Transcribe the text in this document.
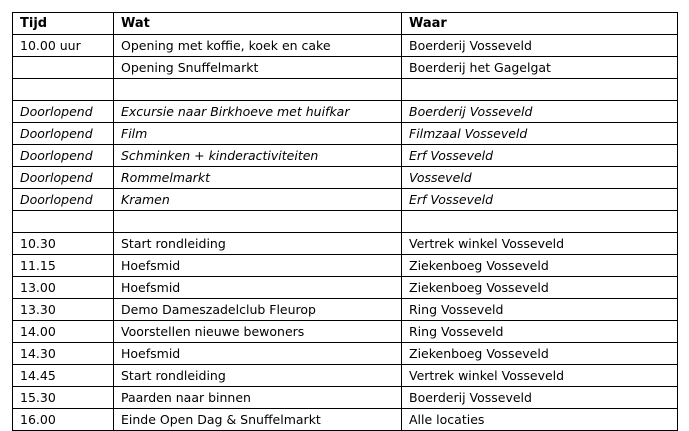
Tijd	Wat	Waar
10.00 uur	Opening met koffie, koek en cake	Boerderij Vosseveld
	Opening Snuffelmarkt	Boerderij het Gagelgat

Doorlopend	Excursie naar Birkhoeve met huifkar	Boerderij Vosseveld
Doorlopend	Film	Filmzaal Vosseveld
Doorlopend	Schminken + kinderactiviteiten	Erf Vosseveld
Doorlopend	Rommelmarkt	Vosseveld
Doorlopend	Kramen	Erf Vosseveld

10.30	Start rondleiding	Vertrek winkel Vosseveld
11.15	Hoefsmid	Ziekenboeg Vosseveld
13.00	Hoefsmid	Ziekenboeg Vosseveld
13.30	Demo Dameszadelclub Fleurop	Ring Vosseveld
14.00	Voorstellen nieuwe bewoners	Ring Vosseveld
14.30	Hoefsmid	Ziekenboeg Vosseveld
14.45	Start rondleiding	Vertrek winkel Vosseveld
15.30	Paarden naar binnen	Boerderij Vosseveld
16.00	Einde Open Dag & Snuffelmarkt	Alle locaties
